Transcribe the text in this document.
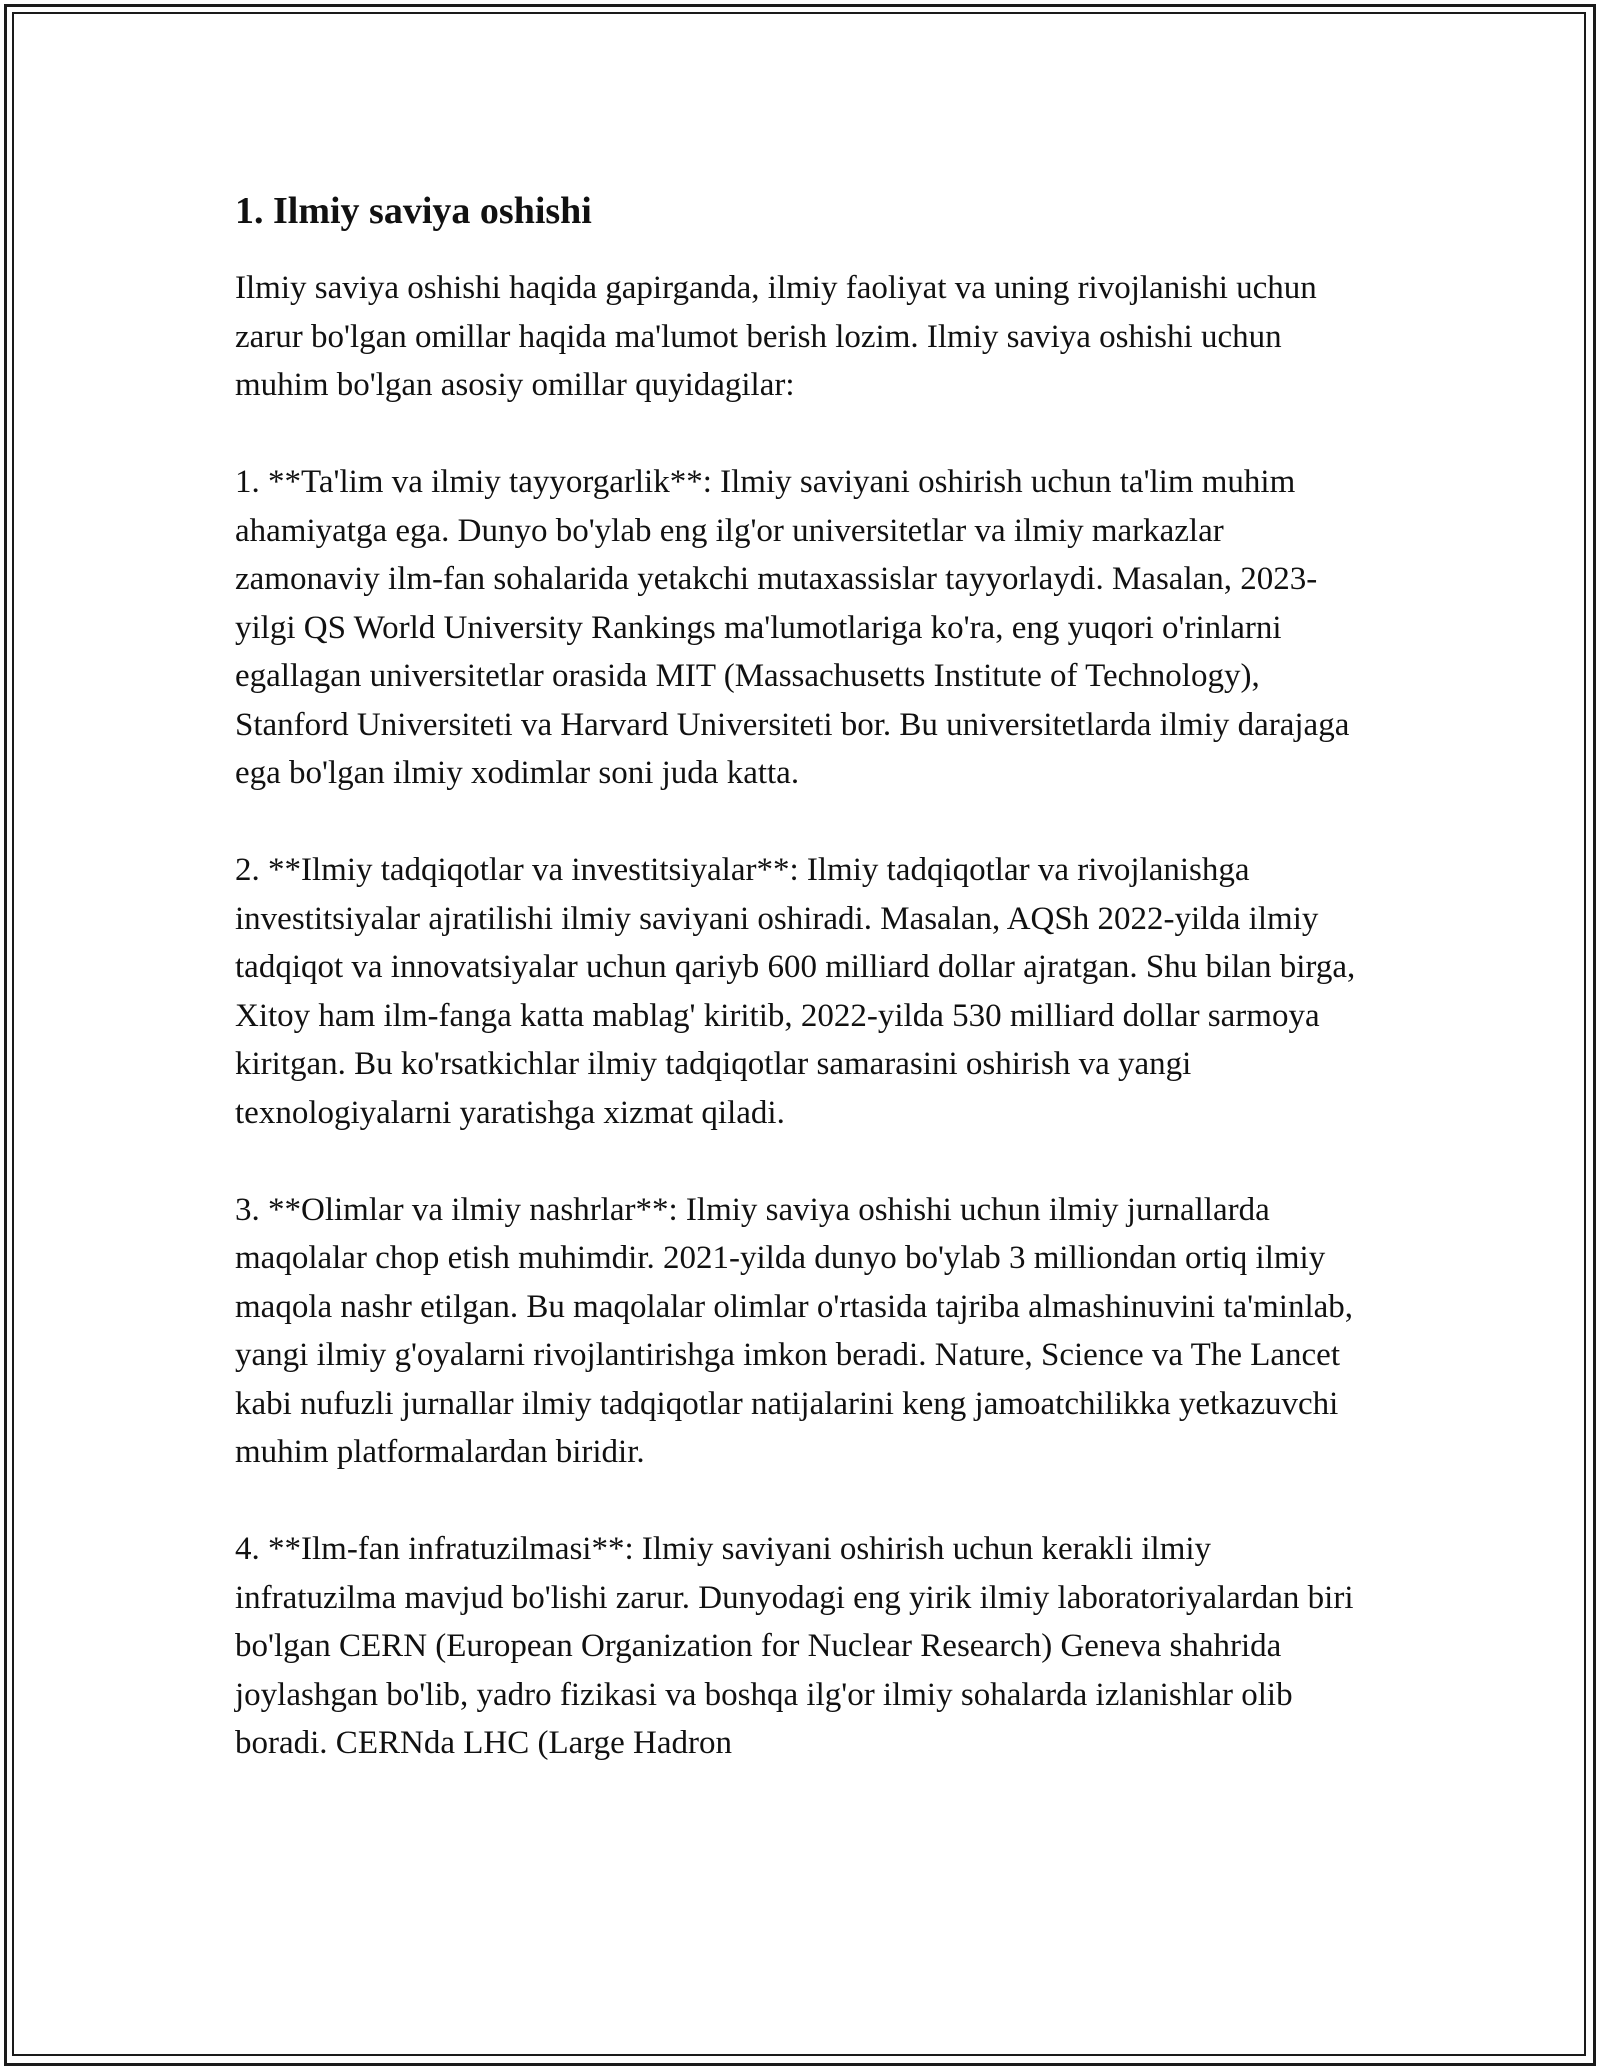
1. Ilmiy saviya oshishi

Ilmiy saviya oshishi haqida gapirganda, ilmiy faoliyat va uning rivojlanishi uchun zarur bo'lgan omillar haqida ma'lumot berish lozim. Ilmiy saviya oshishi uchun muhim bo'lgan asosiy omillar quyidagilar:

1. **Ta'lim va ilmiy tayyorgarlik**: Ilmiy saviyani oshirish uchun ta'lim muhim ahamiyatga ega. Dunyo bo'ylab eng ilg'or universitetlar va ilmiy markazlar zamonaviy ilm-fan sohalarida yetakchi mutaxassislar tayyorlaydi. Masalan, 2023-yilgi QS World University Rankings ma'lumotlariga ko'ra, eng yuqori o'rinlarni egallagan universitetlar orasida MIT (Massachusetts Institute of Technology), Stanford Universiteti va Harvard Universiteti bor. Bu universitetlarda ilmiy darajaga ega bo'lgan ilmiy xodimlar soni juda katta.

2. **Ilmiy tadqiqotlar va investitsiyalar**: Ilmiy tadqiqotlar va rivojlanishga investitsiyalar ajratilishi ilmiy saviyani oshiradi. Masalan, AQSh 2022-yilda ilmiy tadqiqot va innovatsiyalar uchun qariyb 600 milliard dollar ajratgan. Shu bilan birga, Xitoy ham ilm-fanga katta mablag' kiritib, 2022-yilda 530 milliard dollar sarmoya kiritgan. Bu ko'rsatkichlar ilmiy tadqiqotlar samarasini oshirish va yangi texnologiyalarni yaratishga xizmat qiladi.

3. **Olimlar va ilmiy nashrlar**: Ilmiy saviya oshishi uchun ilmiy jurnallarda maqolalar chop etish muhimdir. 2021-yilda dunyo bo'ylab 3 milliondan ortiq ilmiy maqola nashr etilgan. Bu maqolalar olimlar o'rtasida tajriba almashinuvini ta'minlab, yangi ilmiy g'oyalarni rivojlantirishga imkon beradi. Nature, Science va The Lancet kabi nufuzli jurnallar ilmiy tadqiqotlar natijalarini keng jamoatchilikka yetkazuvchi muhim platformalardan biridir.

4. **Ilm-fan infratuzilmasi**: Ilmiy saviyani oshirish uchun kerakli ilmiy infratuzilma mavjud bo'lishi zarur. Dunyodagi eng yirik ilmiy laboratoriyalardan biri bo'lgan CERN (European Organization for Nuclear Research) Geneva shahrida joylashgan bo'lib, yadro fizikasi va boshqa ilg'or ilmiy sohalarda izlanishlar olib boradi. CERNda LHC (Large Hadron
